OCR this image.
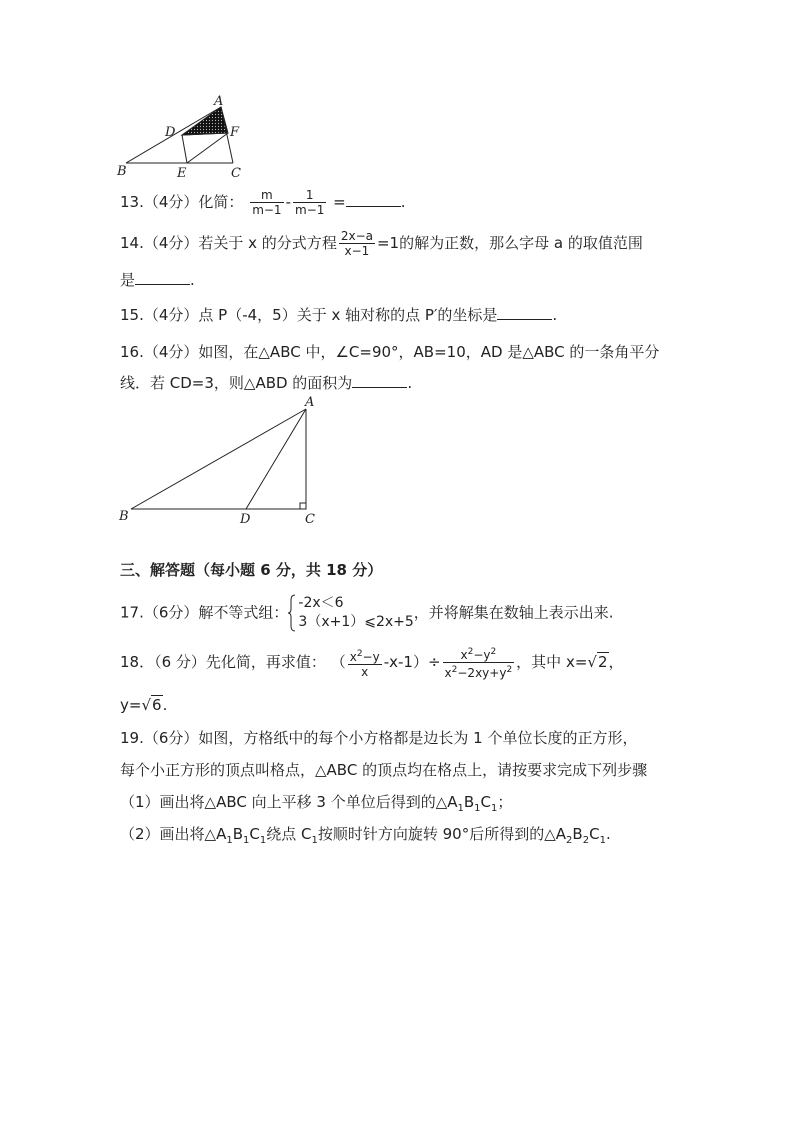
A
D	F
B	E	C
13.（4分）化简： $\frac{m}{m-1} - \frac{1}{m-1}$ =	.
14.（4分）若关于 x 的分式方程 $\frac{2x-a}{x-1} =1$的解为正数，那么字母 a 的取值范围
是	.
15.（4分）点 P（-4，5）关于 x 轴对称的点 P′的坐标是	.
16.（4分）如图，在△ABC 中，∠C=90°，AB=10，AD 是△ABC 的一条角平分
线．若 CD=3，则△ABD 的面积为	.
A
B	D	C
三、解答题（每小题 6 分，共 18 分）
17.（6分）解不等式组：
-2x＜6
3（x+1）⩽2x+5
，并将解集在数轴上表示出来.
18．（6 分）先化简，再求值： （ $\frac{x^2-y}{x} -x-1)\div \frac{x^2-y^2}{x^2-2xy+y^2}$ ，其中 x=√2，
y=√6.
19.（6分）如图，方格纸中的每个小方格都是边长为 1 个单位长度的正方形，
每个小正方形的顶点叫格点，△ABC 的顶点均在格点上，请按要求完成下列步骤
（1）画出将△ABC 向上平移 3 个单位后得到的$\triangle A_1B_1C_1$；
（2）画出将$\triangle A_1B_1C_1$绕点 $C_1$按顺时针方向旋转 90°后所得到的$\triangle A_2B_2C_1$.
